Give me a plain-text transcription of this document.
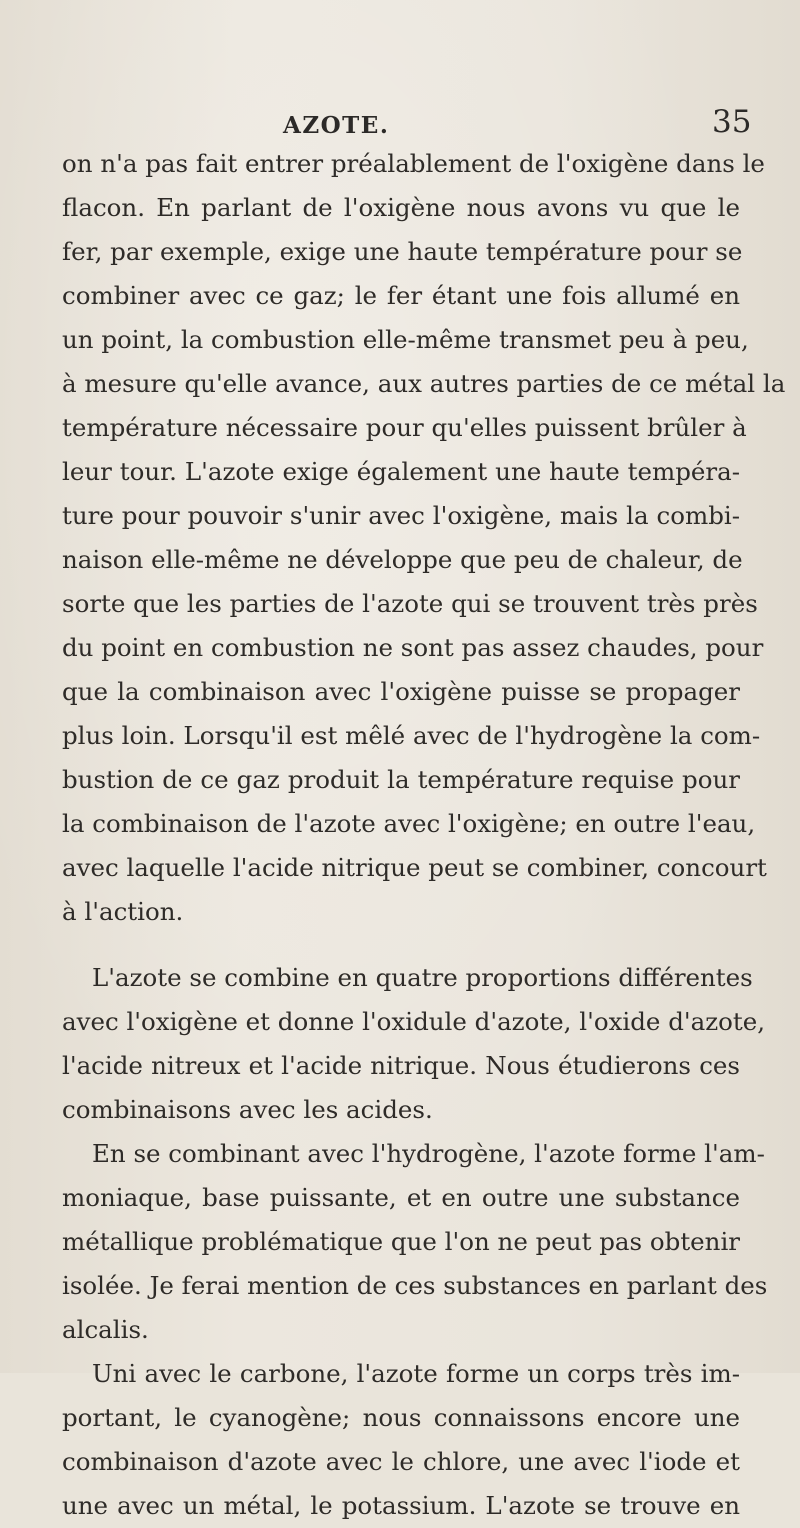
AZOTE.	35
on n'a pas fait entrer préalablement de l'oxigène dans le
flacon. En parlant de l'oxigène nous avons vu que le
fer, par exemple, exige une haute température pour se
combiner avec ce gaz; le fer étant une fois allumé en
un point, la combustion elle-même transmet peu à peu,
à mesure qu'elle avance, aux autres parties de ce métal la
température nécessaire pour qu'elles puissent brûler à
leur tour. L'azote exige également une haute tempéra-
ture pour pouvoir s'unir avec l'oxigène, mais la combi-
naison elle-même ne développe que peu de chaleur, de
sorte que les parties de l'azote qui se trouvent très près
du point en combustion ne sont pas assez chaudes, pour
que la combinaison avec l'oxigène puisse se propager
plus loin. Lorsqu'il est mêlé avec de l'hydrogène la com-
bustion de ce gaz produit la température requise pour
la combinaison de l'azote avec l'oxigène; en outre l'eau,
avec laquelle l'acide nitrique peut se combiner, concourt
à l'action.
L'azote se combine en quatre proportions différentes
avec l'oxigène et donne l'oxidule d'azote, l'oxide d'azote,
l'acide nitreux et l'acide nitrique. Nous étudierons ces
combinaisons avec les acides.
En se combinant avec l'hydrogène, l'azote forme l'am-
moniaque, base puissante, et en outre une substance
métallique problématique que l'on ne peut pas obtenir
isolée. Je ferai mention de ces substances en parlant des
alcalis.
Uni avec le carbone, l'azote forme un corps très im-
portant, le cyanogène; nous connaissons encore une
combinaison d'azote avec le chlore, une avec l'iode et
une avec un métal, le potassium. L'azote se trouve en
